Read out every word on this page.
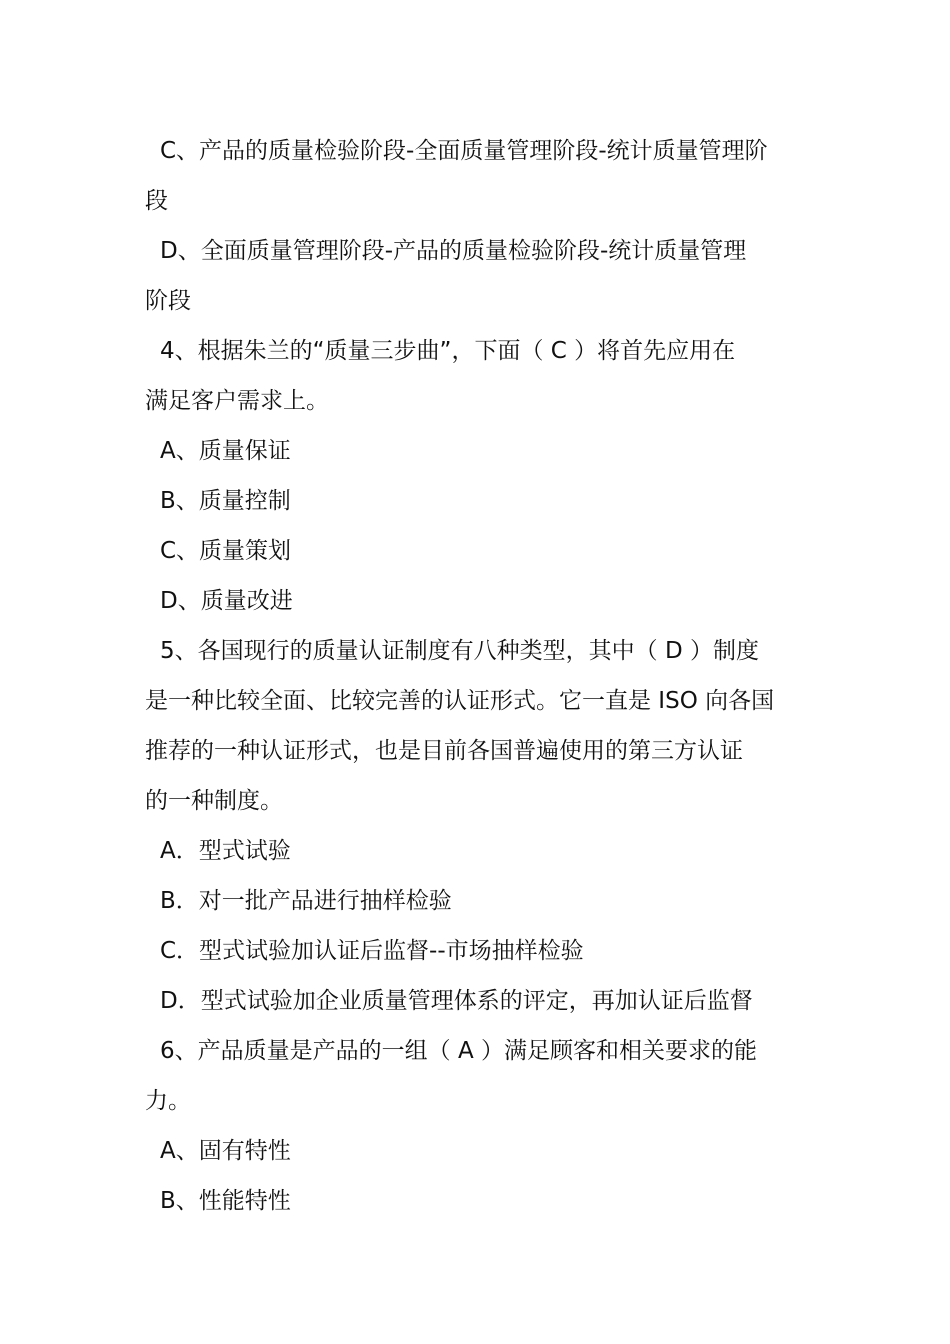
C、产品的质量检验阶段-全面质量管理阶段-统计质量管理阶

段

D、全面质量管理阶段-产品的质量检验阶段-统计质量管理

阶段

4、根据朱兰的“质量三步曲”，下面（ C ）将首先应用在

满足客户需求上。

A、质量保证

B、质量控制

C、质量策划

D、质量改进

5、各国现行的质量认证制度有八种类型，其中（ D ）制度

是一种比较全面、比较完善的认证形式。它一直是 ISO 向各国

推荐的一种认证形式，也是目前各国普遍使用的第三方认证

的一种制度。

A．型式试验

B．对一批产品进行抽样检验

C．型式试验加认证后监督--市场抽样检验

D．型式试验加企业质量管理体系的评定，再加认证后监督

6、产品质量是产品的一组（ A ）满足顾客和相关要求的能

力。

A、固有特性

B、性能特性
